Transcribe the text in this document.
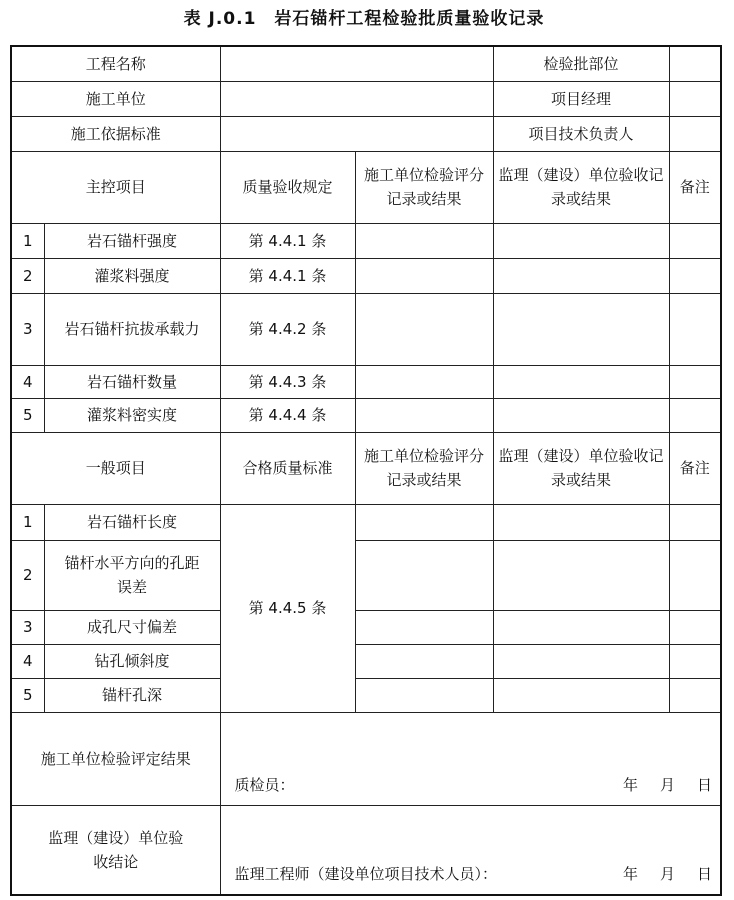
表 J.0.1　岩石锚杆工程检验批质量验收记录
工程名称				检验批部位	
施工单位				项目经理	
施工依据标准				项目技术负责人	
主控项目		质量验收规定	施工单位检验评分记录或结果	监理（建设）单位验收记录或结果	备注
1	岩石锚杆强度	第 4.4.1 条			
2	灌浆料强度	第 4.4.1 条			
3	岩石锚杆抗拔承载力	第 4.4.2 条			
4	岩石锚杆数量	第 4.4.3 条			
5	灌浆料密实度	第 4.4.4 条			
一般项目		合格质量标准	施工单位检验评分记录或结果	监理（建设）单位验收记录或结果	备注
1	岩石锚杆长度	第 4.4.5 条			
2	锚杆水平方向的孔距误差				
3	成孔尺寸偏差				
4	钻孔倾斜度				
5	锚杆孔深				
施工单位检验评定结果		质检员： 年月日			

监理（建设）单位验收结论		监理工程师（建设单位项目技术人员）： 年月日			
